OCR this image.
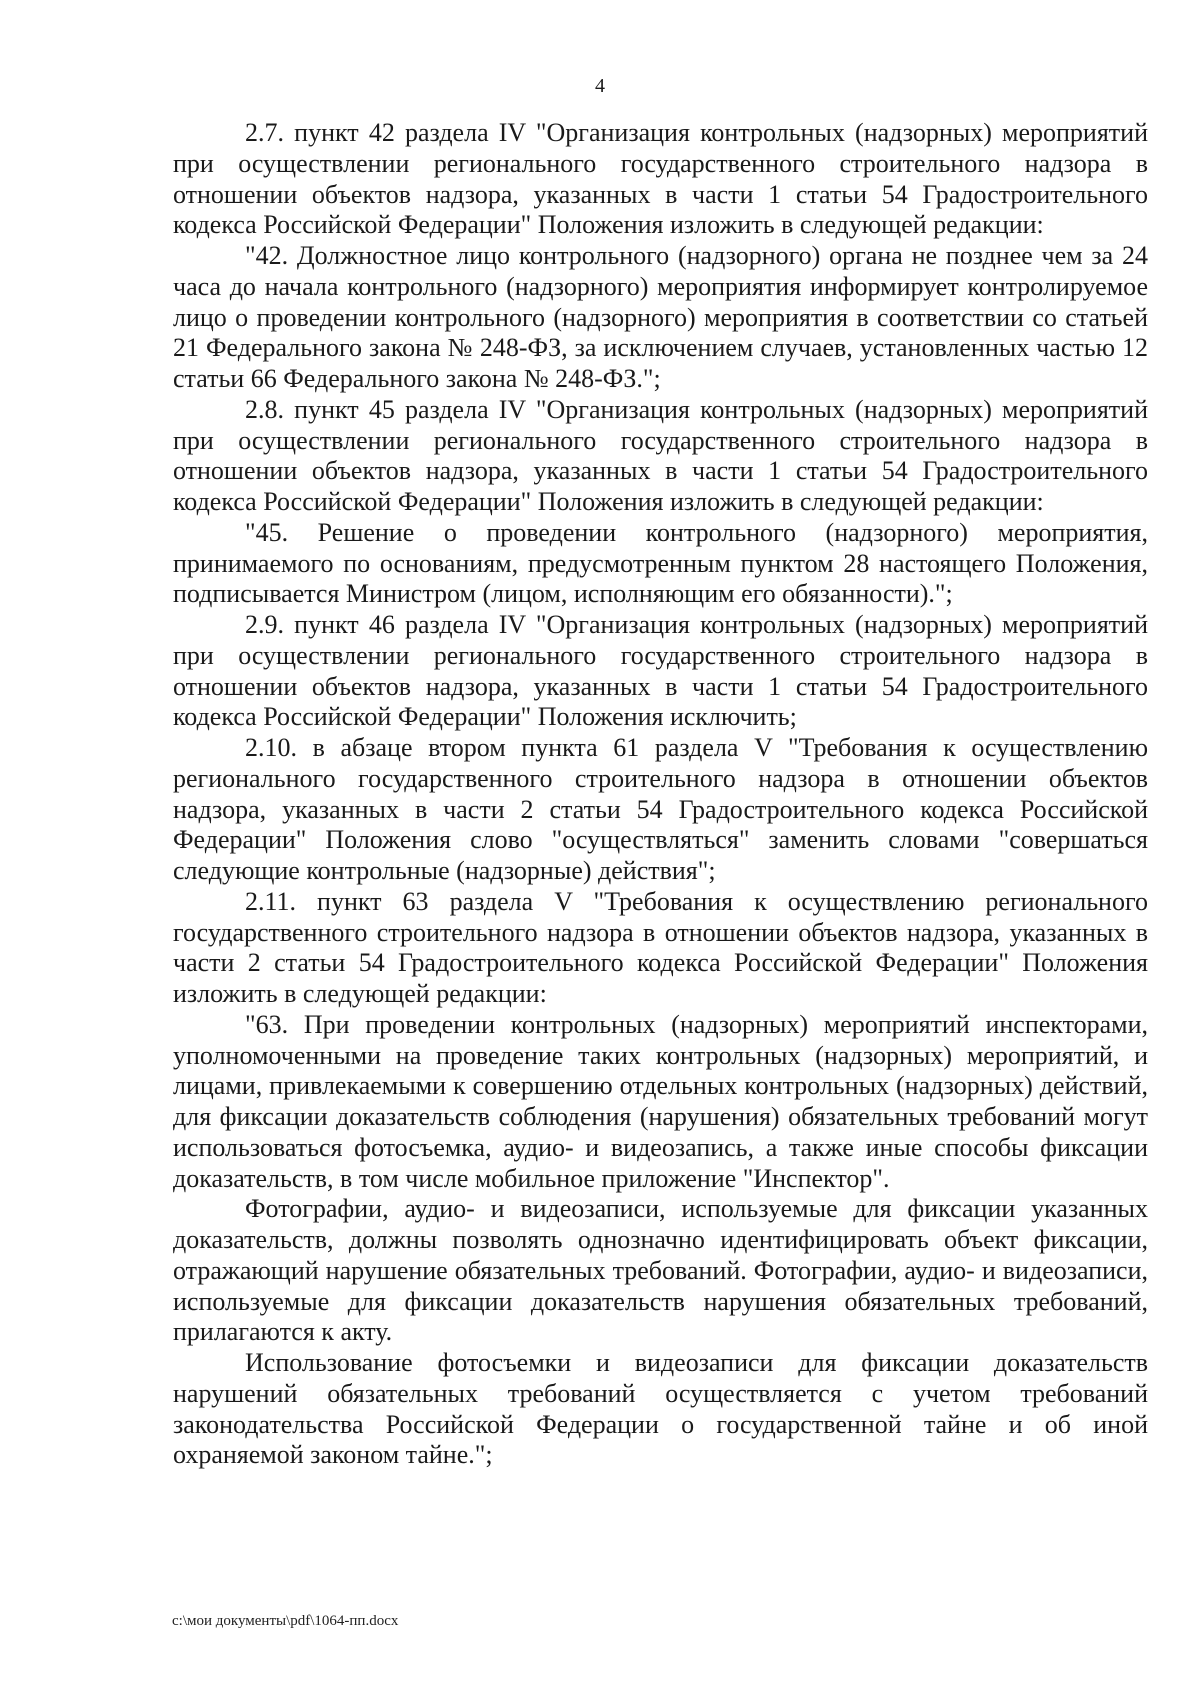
4

2.7. пункт 42 раздела IV "Организация контрольных (надзорных) мероприятий при осуществлении регионального государственного строительного надзора в отношении объектов надзора, указанных в части 1 статьи 54 Градостроительного кодекса Российской Федерации" Положения изложить в следующей редакции:

"42. Должностное лицо контрольного (надзорного) органа не позднее чем за 24 часа до начала контрольного (надзорного) мероприятия информирует контролируемое лицо о проведении контрольного (надзорного) мероприятия в соответствии со статьей 21 Федерального закона № 248-ФЗ, за исключением случаев, установленных частью 12 статьи 66 Федерального закона № 248-ФЗ.";

2.8. пункт 45 раздела IV "Организация контрольных (надзорных) мероприятий при осуществлении регионального государственного строительного надзора в отношении объектов надзора, указанных в части 1 статьи 54 Градостроительного кодекса Российской Федерации" Положения изложить в следующей редакции:

"45. Решение о проведении контрольного (надзорного) мероприятия, принимаемого по основаниям, предусмотренным пунктом 28 настоящего Положения, подписывается Министром (лицом, исполняющим его обязанности).";

2.9. пункт 46 раздела IV "Организация контрольных (надзорных) мероприятий при осуществлении регионального государственного строительного надзора в отношении объектов надзора, указанных в части 1 статьи 54 Градостроительного кодекса Российской Федерации" Положения исключить;

2.10. в абзаце втором пункта 61 раздела V "Требования к осуществлению регионального государственного строительного надзора в отношении объектов надзора, указанных в части 2 статьи 54 Градостроительного кодекса Российской Федерации" Положения слово "осуществляться" заменить словами "совершаться следующие контрольные (надзорные) действия";

2.11. пункт 63 раздела V "Требования к осуществлению регионального государственного строительного надзора в отношении объектов надзора, указанных в части 2 статьи 54 Градостроительного кодекса Российской Федерации" Положения изложить в следующей редакции:

"63. При проведении контрольных (надзорных) мероприятий инспекторами, уполномоченными на проведение таких контрольных (надзорных) мероприятий, и лицами, привлекаемыми к совершению отдельных контрольных (надзорных) действий, для фиксации доказательств соблюдения (нарушения) обязательных требований могут использоваться фотосъемка, аудио- и видеозапись, а также иные способы фиксации доказательств, в том числе мобильное приложение "Инспектор".

Фотографии, аудио- и видеозаписи, используемые для фиксации указанных доказательств, должны позволять однозначно идентифицировать объект фиксации, отражающий нарушение обязательных требований. Фотографии, аудио- и видеозаписи, используемые для фиксации доказательств нарушения обязательных требований, прилагаются к акту.

Использование фотосъемки и видеозаписи для фиксации доказательств нарушений обязательных требований осуществляется с учетом требований законодательства Российской Федерации о государственной тайне и об иной охраняемой законом тайне.";

c:\мои документы\pdf\1064-пп.docx
